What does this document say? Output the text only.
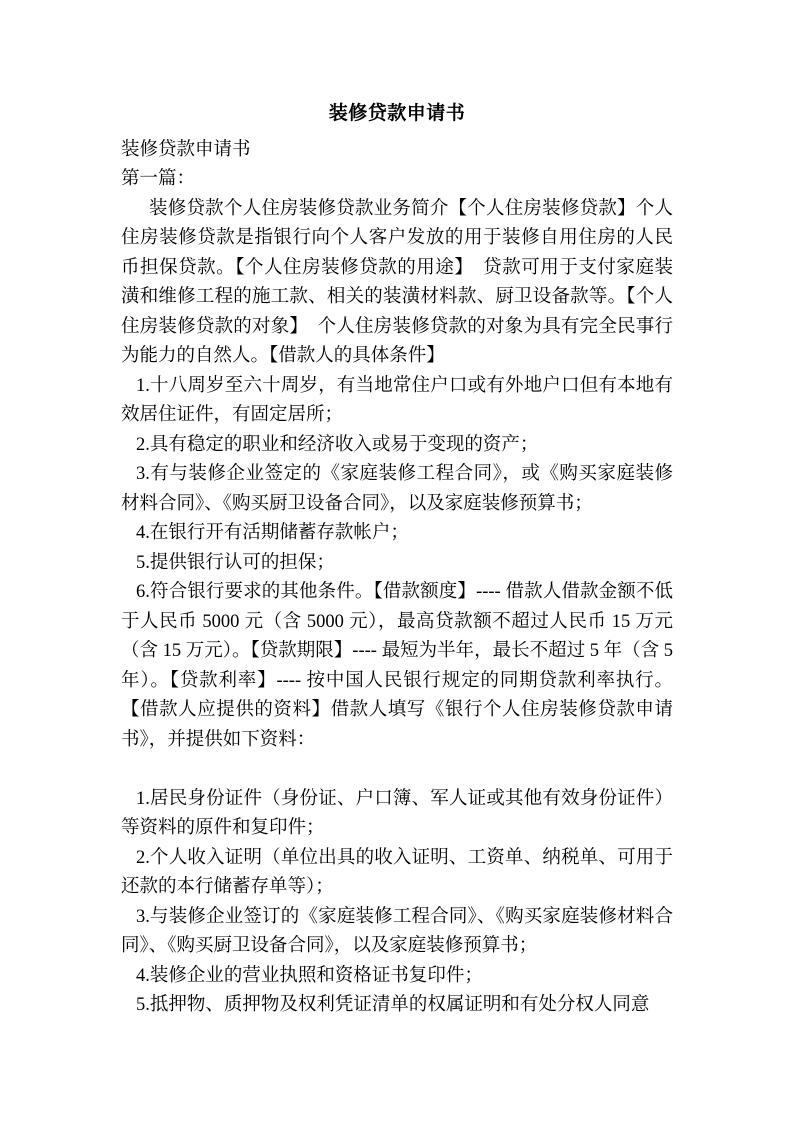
装修贷款申请书

装修贷款申请书

第一篇：

装修贷款个人住房装修贷款业务简介【个人住房装修贷款】个人住房装修贷款是指银行向个人客户发放的用于装修自用住房的人民币担保贷款。【个人住房装修贷款的用途】　贷款可用于支付家庭装潢和维修工程的施工款、相关的装潢材料款、厨卫设备款等。【个人住房装修贷款的对象】　个人住房装修贷款的对象为具有完全民事行为能力的自然人。【借款人的具体条件】

1.十八周岁至六十周岁，有当地常住户口或有外地户口但有本地有效居住证件，有固定居所；

2.具有稳定的职业和经济收入或易于变现的资产；

3.有与装修企业签定的《家庭装修工程合同》，或《购买家庭装修材料合同》、《购买厨卫设备合同》，以及家庭装修预算书；

4.在银行开有活期储蓄存款帐户；

5.提供银行认可的担保；

6.符合银行要求的其他条件。【借款额度】---- 借款人借款金额不低于人民币 5000 元（含 5000 元），最高贷款额不超过人民币 15 万元（含 15 万元）。【贷款期限】---- 最短为半年，最长不超过 5 年（含 5 年）。【贷款利率】---- 按中国人民银行规定的同期贷款利率执行。【借款人应提供的资料】借款人填写《银行个人住房装修贷款申请书》，并提供如下资料：

1.居民身份证件（身份证、户口簿、军人证或其他有效身份证件）等资料的原件和复印件；

2.个人收入证明（单位出具的收入证明、工资单、纳税单、可用于还款的本行储蓄存单等）；

3.与装修企业签订的《家庭装修工程合同》、《购买家庭装修材料合同》、《购买厨卫设备合同》，以及家庭装修预算书；

4.装修企业的营业执照和资格证书复印件；

5.抵押物、质押物及权利凭证清单的权属证明和有处分权人同意
